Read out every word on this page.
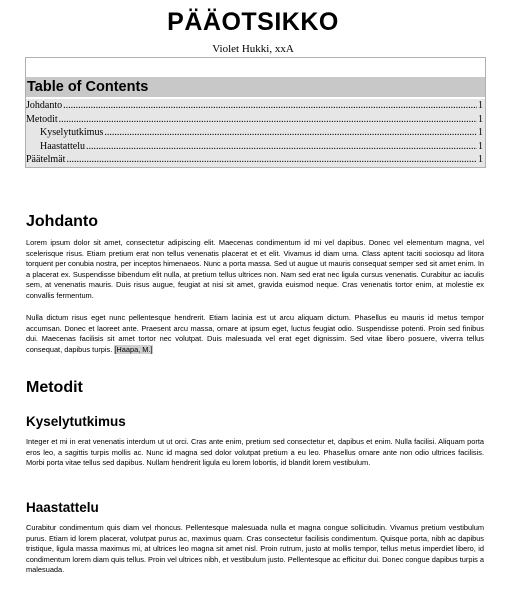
PÄÄOTSIKKO
Violet Hukki, xxA
Table of Contents
Johdanto .....	1
Metodit .....	1
Kyselytutkimus .....	1
Haastattelu .....	1
Päätelmät .....	1
Johdanto

Lorem ipsum dolor sit amet, consectetur adipiscing elit. Maecenas condimentum id mi vel dapibus. Donec vel elementum magna, vel scelerisque risus. Etiam pretium erat non tellus venenatis placerat et et elit. Vivamus id diam urna. Class aptent taciti sociosqu ad litora torquent per conubia nostra, per inceptos himenaeos. Nunc a porta massa. Sed ut augue ut mauris consequat semper sed sit amet enim. In a placerat ex. Suspendisse bibendum elit nulla, at pretium tellus ultrices non. Nam sed erat nec ligula cursus venenatis. Curabitur ac iaculis sem, at venenatis mauris. Duis risus augue, feugiat at nisi sit amet, gravida euismod neque. Cras venenatis tortor enim, at molestie ex convallis fermentum.

Nulla dictum risus eget nunc pellentesque hendrerit. Etiam lacinia est ut arcu aliquam dictum. Phasellus eu mauris id metus tempor accumsan. Donec et laoreet ante. Praesent arcu massa, ornare at ipsum eget, luctus feugiat odio. Suspendisse potenti. Proin sed finibus dui. Maecenas facilisis sit amet tortor nec volutpat. Duis malesuada vel erat eget dignissim. Sed vitae libero posuere, viverra tellus consequat, dapibus turpis. [Haapa, M.]

Metodit
Kyselytutkimus

Integer et mi in erat venenatis interdum ut ut orci. Cras ante enim, pretium sed consectetur et, dapibus et enim. Nulla facilisi. Aliquam porta eros leo, a sagittis turpis mollis ac. Nunc id magna sed dolor volutpat pretium a eu leo. Phasellus ornare ante non odio ultrices facilisis. Morbi porta vitae tellus sed dapibus. Nullam hendrerit ligula eu lorem lobortis, id blandit lorem vestibulum.

Haastattelu

Curabitur condimentum quis diam vel rhoncus. Pellentesque malesuada nulla et magna congue sollicitudin. Vivamus pretium vestibulum purus. Etiam id lorem placerat, volutpat purus ac, maximus quam. Cras consectetur facilisis condimentum. Quisque porta, nibh ac dapibus tristique, ligula massa maximus mi, at ultrices leo magna sit amet nisl. Proin rutrum, justo at mollis tempor, tellus metus imperdiet libero, id condimentum lorem diam quis tellus. Proin vel ultrices nibh, et vestibulum justo. Pellentesque ac efficitur dui. Donec congue dapibus turpis a malesuada.
